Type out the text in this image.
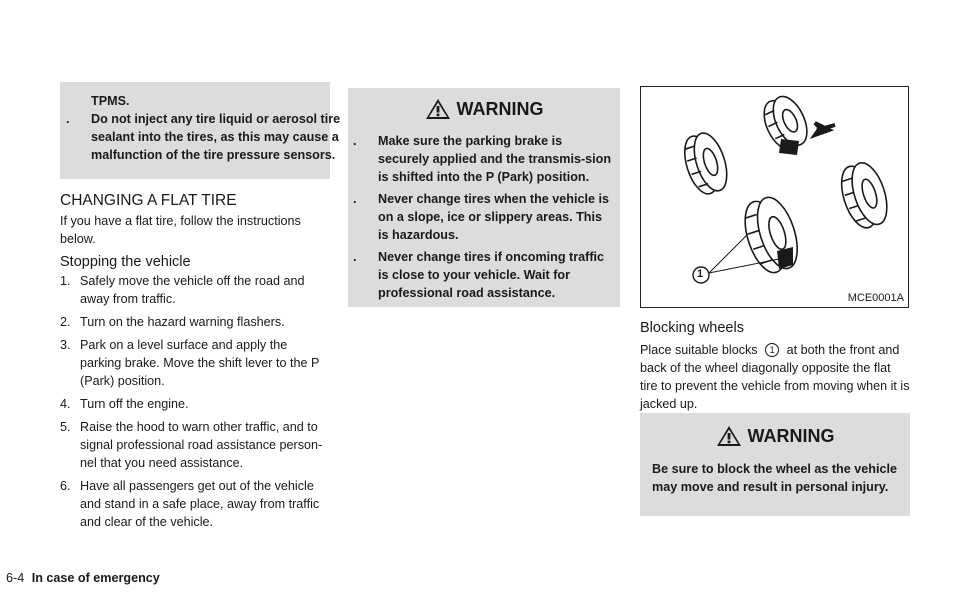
TPMS.
. Do not inject any tire liquid or aerosol tire sealant into the tires, as this may cause a malfunction of the tire pressure sensors.
CHANGING A FLAT TIRE

If you have a flat tire, follow the instructions below.

Stopping the vehicle
1. Safely move the vehicle off the road and away from traffic.
2. Turn on the hazard warning flashers.
3. Park on a level surface and apply the parking brake. Move the shift lever to the P (Park) position.
4. Turn off the engine.
5. Raise the hood to warn other traffic, and to signal professional road assistance person-nel that you need assistance.
6. Have all passengers get out of the vehicle and stand in a safe place, away from traffic and clear of the vehicle.
WARNING
. Make sure the parking brake is securely applied and the transmis-sion is shifted into the P (Park) position.
. Never change tires when the vehicle is on a slope, ice or slippery areas. This is hazardous.
. Never change tires if oncoming traffic is close to your vehicle. Wait for professional road assistance.
1
MCE0001A
Blocking wheels

Place suitable blocks 1 at both the front and back of the wheel diagonally opposite the flat tire to prevent the vehicle from moving when it is jacked up.

WARNING

Be sure to block the wheel as the vehicle may move and result in personal injury.

6-4 In case of emergency
